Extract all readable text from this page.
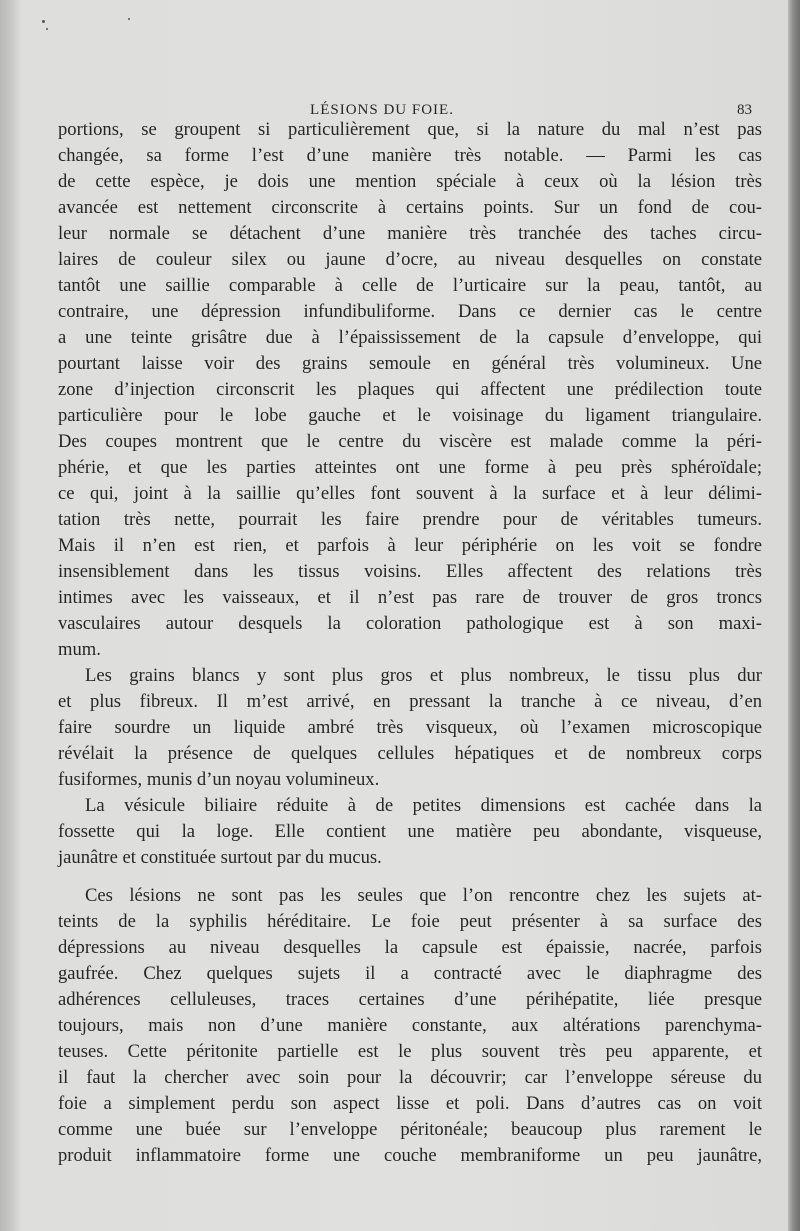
LÉSIONS DU FOIE.	83
portions, se groupent si particulièrement que, si la nature du mal n’est pas
changée, sa forme l’est d’une manière très notable. — Parmi les cas
de cette espèce, je dois une mention spéciale à ceux où la lésion très
avancée est nettement circonscrite à certains points. Sur un fond de cou-
leur normale se détachent d’une manière très tranchée des taches circu-
laires de couleur silex ou jaune d’ocre, au niveau desquelles on constate
tantôt une saillie comparable à celle de l’urticaire sur la peau, tantôt, au
contraire, une dépression infundibuliforme. Dans ce dernier cas le centre
a une teinte grisâtre due à l’épaississement de la capsule d’enveloppe, qui
pourtant laisse voir des grains semoule en général très volumineux. Une
zone d’injection circonscrit les plaques qui affectent une prédilection toute
particulière pour le lobe gauche et le voisinage du ligament triangulaire.
Des coupes montrent que le centre du viscère est malade comme la péri-
phérie, et que les parties atteintes ont une forme à peu près sphéroïdale;
ce qui, joint à la saillie qu’elles font souvent à la surface et à leur délimi-
tation très nette, pourrait les faire prendre pour de véritables tumeurs.
Mais il n’en est rien, et parfois à leur périphérie on les voit se fondre
insensiblement dans les tissus voisins. Elles affectent des relations très
intimes avec les vaisseaux, et il n’est pas rare de trouver de gros troncs
vasculaires autour desquels la coloration pathologique est à son maxi-
mum.
Les grains blancs y sont plus gros et plus nombreux, le tissu plus dur
et plus fibreux. Il m’est arrivé, en pressant la tranche à ce niveau, d’en
faire sourdre un liquide ambré très visqueux, où l’examen microscopique
révélait la présence de quelques cellules hépatiques et de nombreux corps
fusiformes, munis d’un noyau volumineux.
La vésicule biliaire réduite à de petites dimensions est cachée dans la
fossette qui la loge. Elle contient une matière peu abondante, visqueuse,
jaunâtre et constituée surtout par du mucus.
Ces lésions ne sont pas les seules que l’on rencontre chez les sujets at-
teints de la syphilis héréditaire. Le foie peut présenter à sa surface des
dépressions au niveau desquelles la capsule est épaissie, nacrée, parfois
gaufrée. Chez quelques sujets il a contracté avec le diaphragme des
adhérences celluleuses, traces certaines d’une périhépatite, liée presque
toujours, mais non d’une manière constante, aux altérations parenchyma-
teuses. Cette péritonite partielle est le plus souvent très peu apparente, et
il faut la chercher avec soin pour la découvrir; car l’enveloppe séreuse du
foie a simplement perdu son aspect lisse et poli. Dans d’autres cas on voit
comme une buée sur l’enveloppe péritonéale; beaucoup plus rarement le
produit inflammatoire forme une couche membraniforme un peu jaunâtre,
